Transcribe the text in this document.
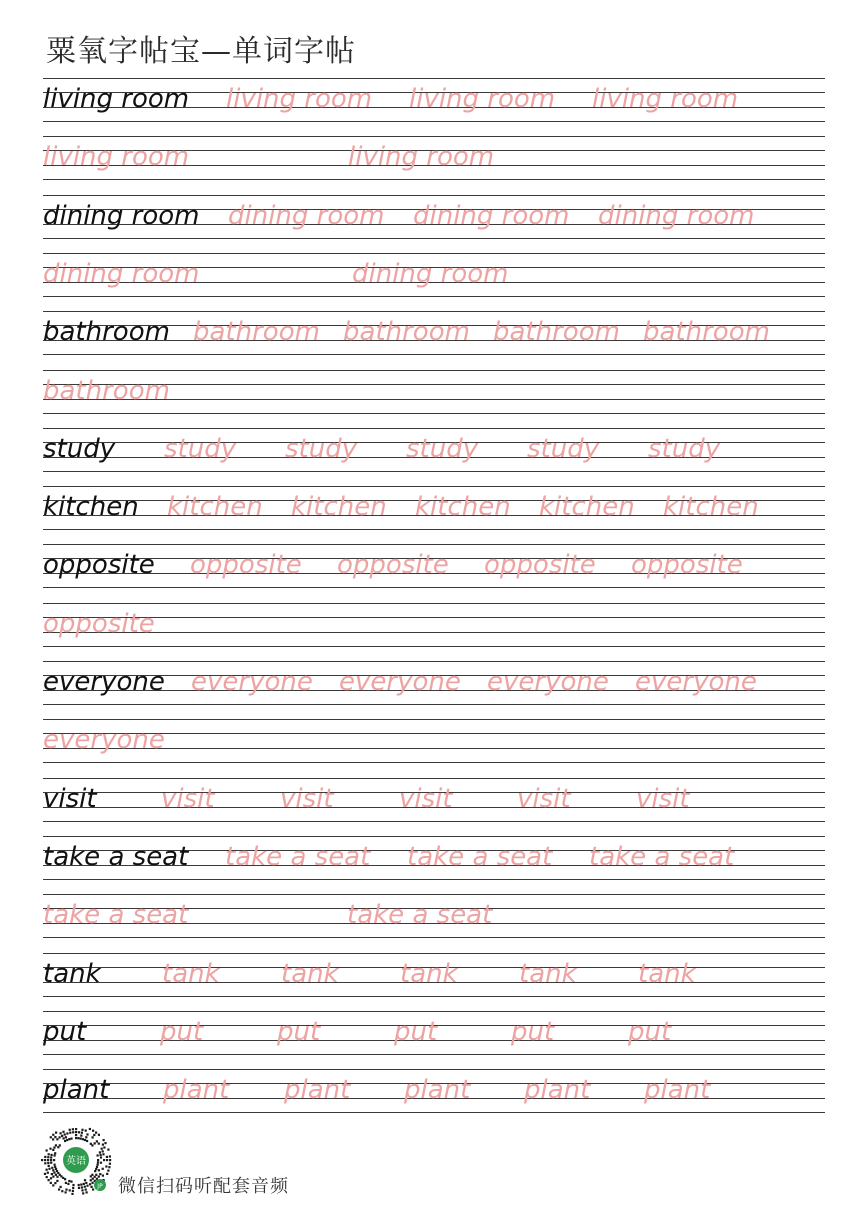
粟氧字帖宝—单词字帖
living room living room living room living room
living room	living room
dining room dining room dining room dining room
dining room	dining room
bathroom bathroom bathroom bathroom bathroom
bathroom
study study study study study study
kitchen kitchen kitchen kitchen kitchen kitchen
opposite opposite opposite opposite opposite
opposite
everyone everyone everyone everyone everyone
everyone
visit visit	visit	visit visit	visit
take a seat take a seat take a seat take a seat
take a seat	take a seat
tank tank tank tank tank tank
put	put	put	put	put	put
plant plant plant plant plant plant
英语
JP 微信扫码听配套音频
